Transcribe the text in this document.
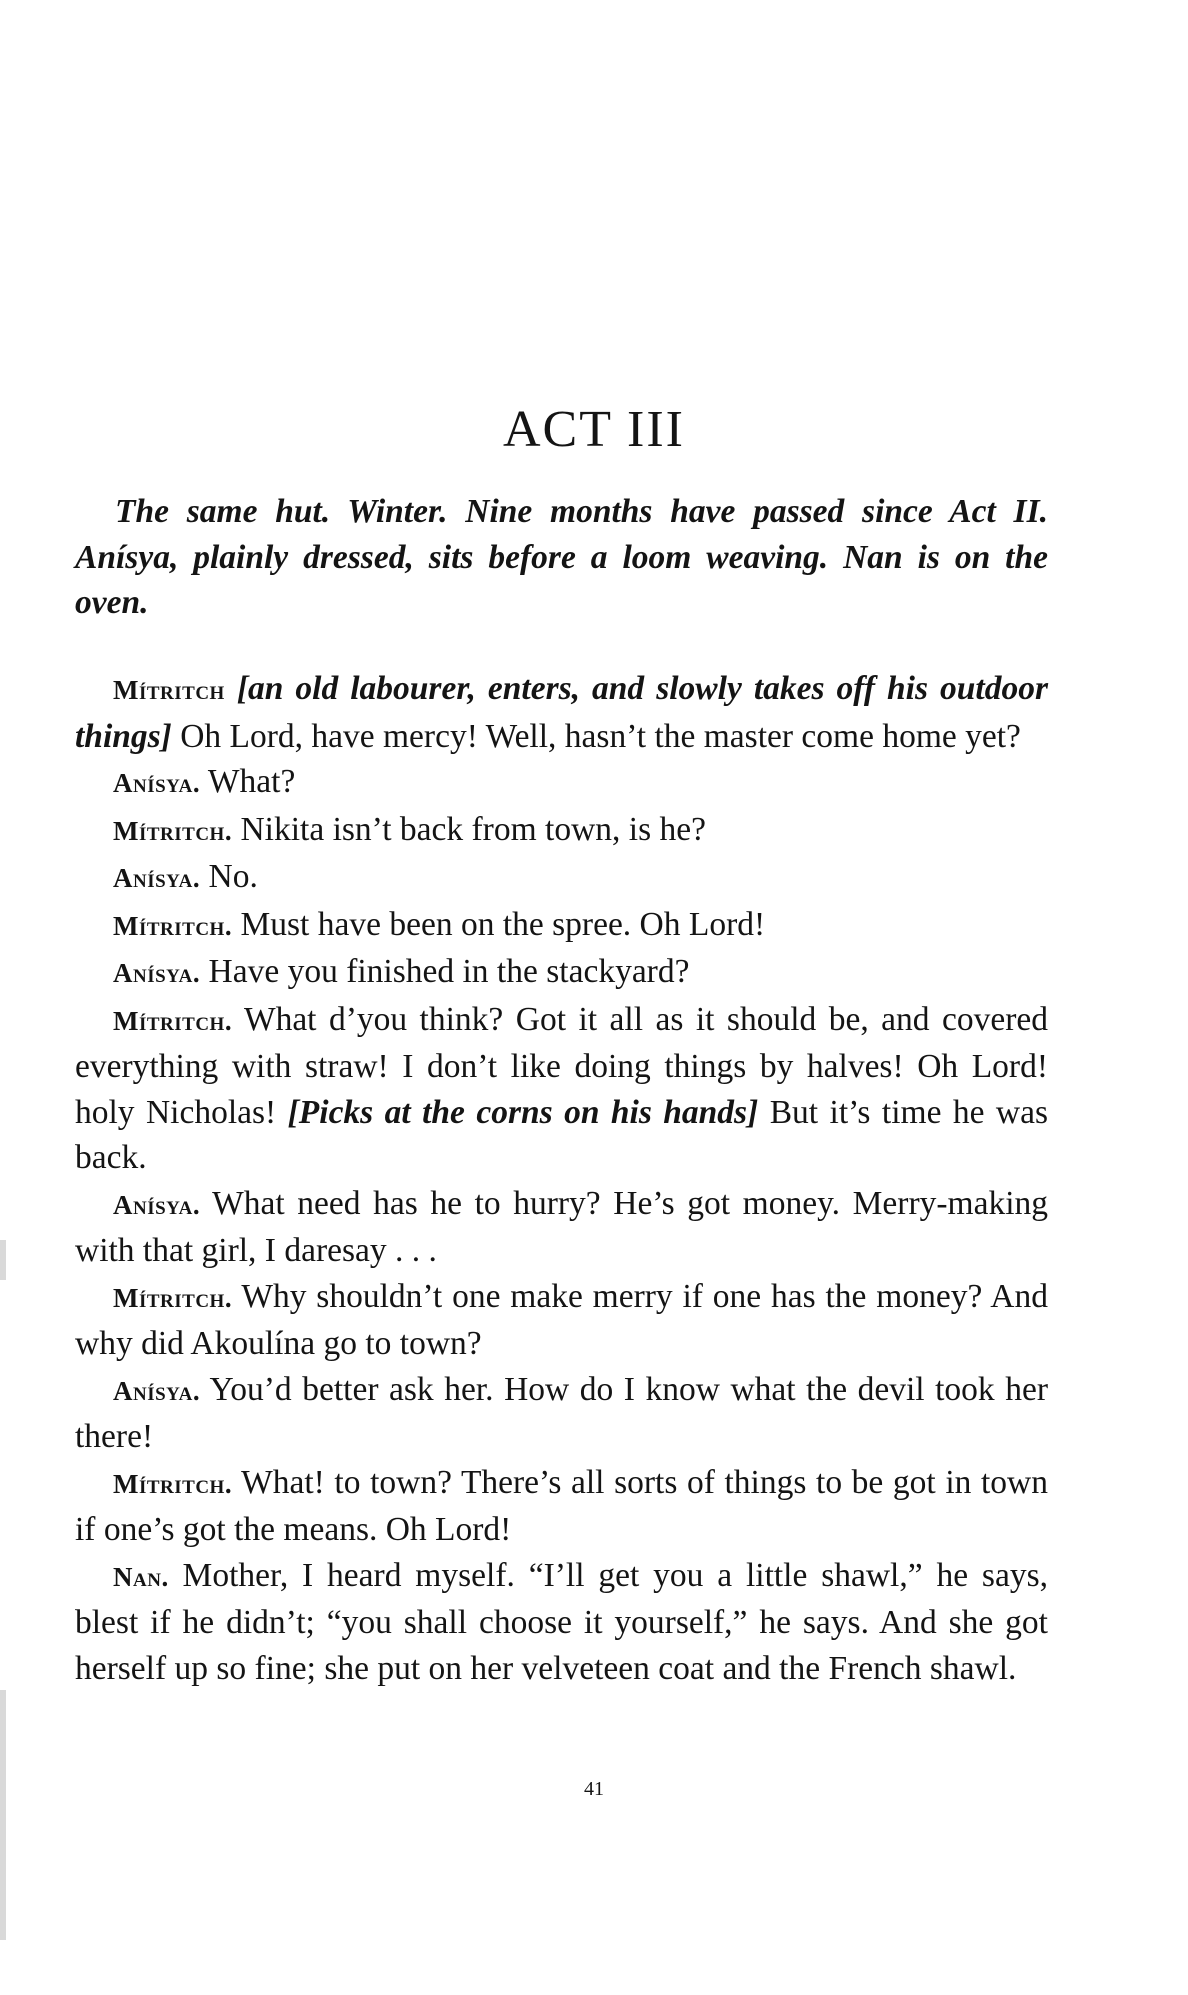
ACT III

The same hut. Winter. Nine months have passed since Act II. Anísya, plainly dressed, sits before a loom weaving. Nan is on the oven.

Mítritch [an old labourer, enters, and slowly takes off his outdoor things] Oh Lord, have mercy! Well, hasn’t the master come home yet?

Anísya. What?

Mítritch. Nikita isn’t back from town, is he?

Anísya. No.

Mítritch. Must have been on the spree. Oh Lord!

Anísya. Have you finished in the stackyard?

Mítritch. What d’you think? Got it all as it should be, and covered everything with straw! I don’t like doing things by halves! Oh Lord! holy Nicholas! [Picks at the corns on his hands] But it’s time he was back.

Anísya. What need has he to hurry? He’s got money. Merry-making with that girl, I daresay . . .

Mítritch. Why shouldn’t one make merry if one has the money? And why did Akoulína go to town?

Anísya. You’d better ask her. How do I know what the devil took her there!

Mítritch. What! to town? There’s all sorts of things to be got in town if one’s got the means. Oh Lord!

Nan. Mother, I heard myself. “I’ll get you a little shawl,” he says, blest if he didn’t; “you shall choose it yourself,” he says. And she got herself up so fine; she put on her velveteen coat and the French shawl.

41
